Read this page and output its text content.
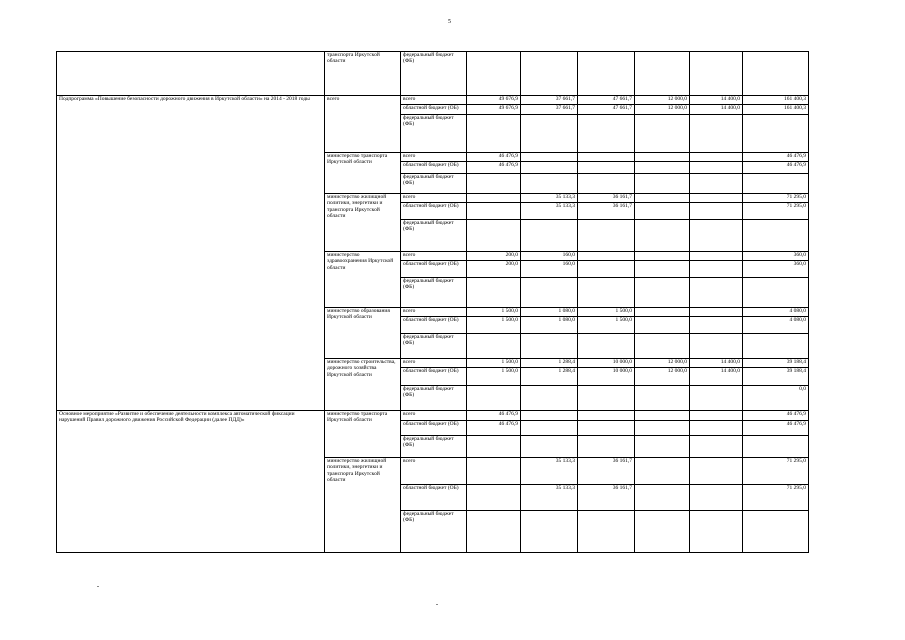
5
	транспорта Иркутской области	федеральный бюджет (ФБ)						
Подпрограмма «Повышение безопасности дорожного движения в Иркутской области» на 2014 - 2018 годы	всего	всего	49 676,9	37 661,7	47 661,7	12 000,0	14 400,0	161 400,3
		областной бюджет (ОБ)	49 676,9	37 661,7	47 661,7	12 000,0	14 400,0	161 400,3
		федеральный бюджет (ФБ)						
	министерство транспорта Иркутской области	всего	46 476,9					46 476,9
		областной бюджет (ОБ)	46 476,9					46 476,9
		федеральный бюджет (ФБ)						
	министерство жилищной политики, энергетики и транспорта Иркутской области	всего		35 133,3	36 161,7			71 295,0
		областной бюджет (ОБ)		35 133,3	36 161,7			71 295,0
		федеральный бюджет (ФБ)						
	министерство здравоохранения Иркутской области	всего	200,0	160,0				360,0
		областной бюджет (ОБ)	200,0	160,0				360,0
		федеральный бюджет (ФБ)						
	министерство образования Иркутской области	всего	1 500,0	1 080,0	1 500,0			4 080,0
		областной бюджет (ОБ)	1 500,0	1 080,0	1 500,0			4 080,0
		федеральный бюджет (ФБ)						
	министерство строительства, дорожного хозяйства Иркутской области	всего	1 500,0	1 288,4	10 000,0	12 000,0	14 400,0	39 188,4
		областной бюджет (ОБ)	1 500,0	1 288,4	10 000,0	12 000,0	14 400,0	39 188,4
		федеральный бюджет (ФБ)						0,0
Основное мероприятие «Развитие и обеспечение деятельности комплекса автоматической фиксации нарушений Правил дорожного движения Российской Федерации (далее ПДД)»	министерство транспорта Иркутской области	всего	46 476,9					46 476,9
		областной бюджет (ОБ)	46 476,9					46 476,9
		федеральный бюджет (ФБ)						
	министерство жилищной политики, энергетики и транспорта Иркутской области	всего		35 133,3	36 161,7			71 295,0
		областной бюджет (ОБ)		35 133,3	36 161,7			71 295,0
		федеральный бюджет (ФБ)						
